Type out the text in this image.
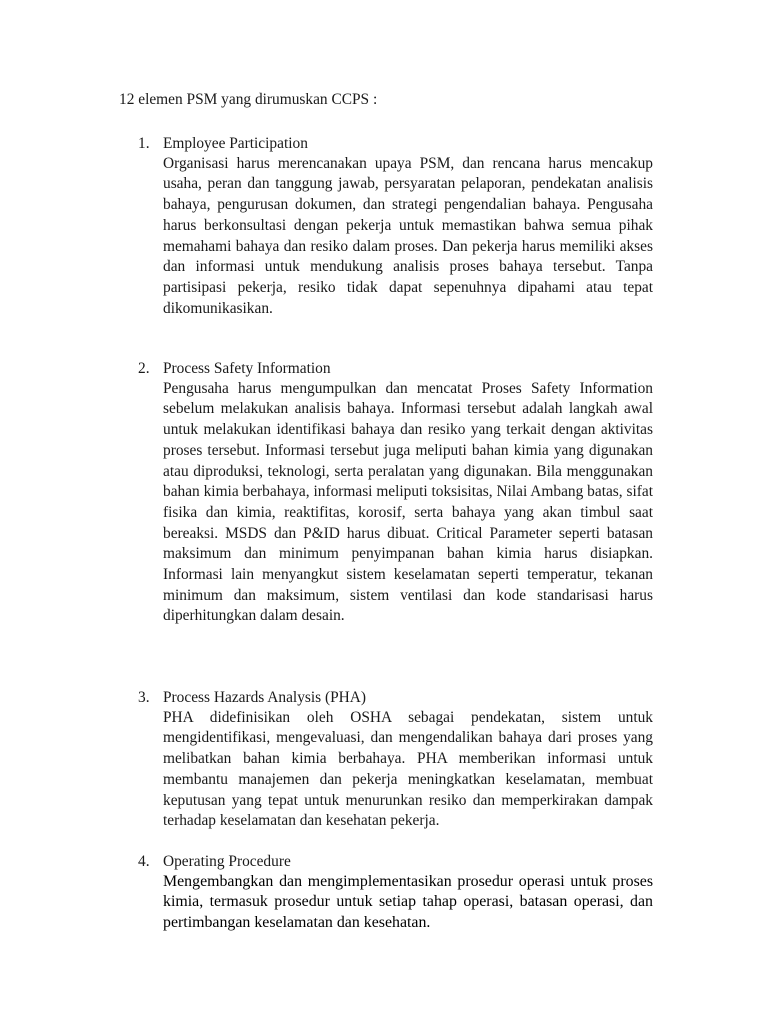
12 elemen PSM yang dirumuskan CCPS :
1. Employee Participation
Organisasi harus merencanakan upaya PSM, dan rencana harus mencakup usaha, peran dan tanggung jawab, persyaratan pelaporan, pendekatan analisis bahaya, pengurusan dokumen, dan strategi pengendalian bahaya. Pengusaha harus berkonsultasi dengan pekerja untuk memastikan bahwa semua pihak memahami bahaya dan resiko dalam proses. Dan pekerja harus memiliki akses dan informasi untuk mendukung analisis proses bahaya tersebut. Tanpa partisipasi pekerja, resiko tidak dapat sepenuhnya dipahami atau tepat dikomunikasikan.
2. Process Safety Information
Pengusaha harus mengumpulkan dan mencatat Proses Safety Information sebelum melakukan analisis bahaya. Informasi tersebut adalah langkah awal untuk melakukan identifikasi bahaya dan resiko yang terkait dengan aktivitas proses tersebut. Informasi tersebut juga meliputi bahan kimia yang digunakan atau diproduksi, teknologi, serta peralatan yang digunakan. Bila menggunakan bahan kimia berbahaya, informasi meliputi toksisitas, Nilai Ambang batas, sifat fisika dan kimia, reaktifitas, korosif, serta bahaya yang akan timbul saat bereaksi. MSDS dan P&ID harus dibuat. Critical Parameter seperti batasan maksimum dan minimum penyimpanan bahan kimia harus disiapkan. Informasi lain menyangkut sistem keselamatan seperti temperatur, tekanan minimum dan maksimum, sistem ventilasi dan kode standarisasi harus diperhitungkan dalam desain.
3. Process Hazards Analysis (PHA)
PHA didefinisikan oleh OSHA sebagai pendekatan, sistem untuk mengidentifikasi, mengevaluasi, dan mengendalikan bahaya dari proses yang melibatkan bahan kimia berbahaya. PHA memberikan informasi untuk membantu manajemen dan pekerja meningkatkan keselamatan, membuat keputusan yang tepat untuk menurunkan resiko dan memperkirakan dampak terhadap keselamatan dan kesehatan pekerja.
4. Operating Procedure
Mengembangkan dan mengimplementasikan prosedur operasi untuk proses kimia, termasuk prosedur untuk setiap tahap operasi, batasan operasi, dan pertimbangan keselamatan dan kesehatan.
